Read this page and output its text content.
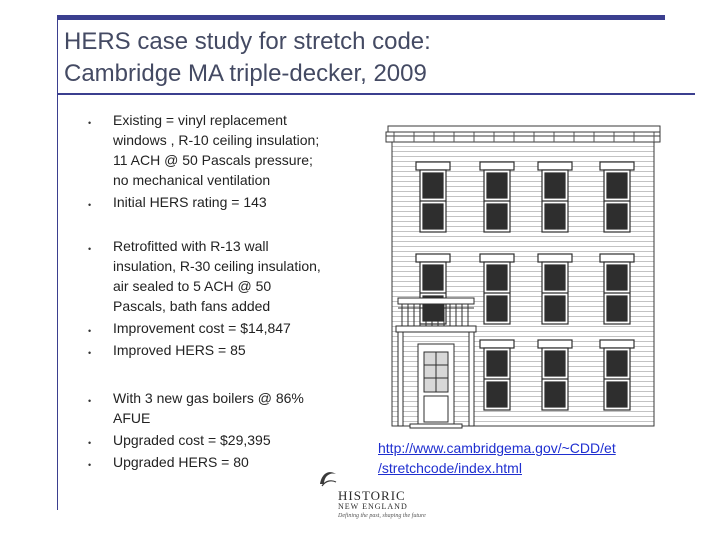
HERS case study for stretch code:
Cambridge MA triple-decker, 2009
• Existing = vinyl replacement
windows , R-10 ceiling insulation;
11 ACH @ 50 Pascals pressure;
no mechanical ventilation
• Initial HERS rating = 143
• Retrofitted with R-13 wall
insulation, R-30 ceiling insulation,
air sealed to 5 ACH @ 50
Pascals, bath fans added
• Improvement cost = $14,847
• Improved HERS = 85
• With 3 new gas boilers @ 86%
AFUE
• Upgraded cost = $29,395
• Upgraded HERS = 80
http://www.cambridgema.gov/~CDD/et
/stretchcode/index.html
HISTORIC
NEW ENGLAND
Defining the past, shaping the future
